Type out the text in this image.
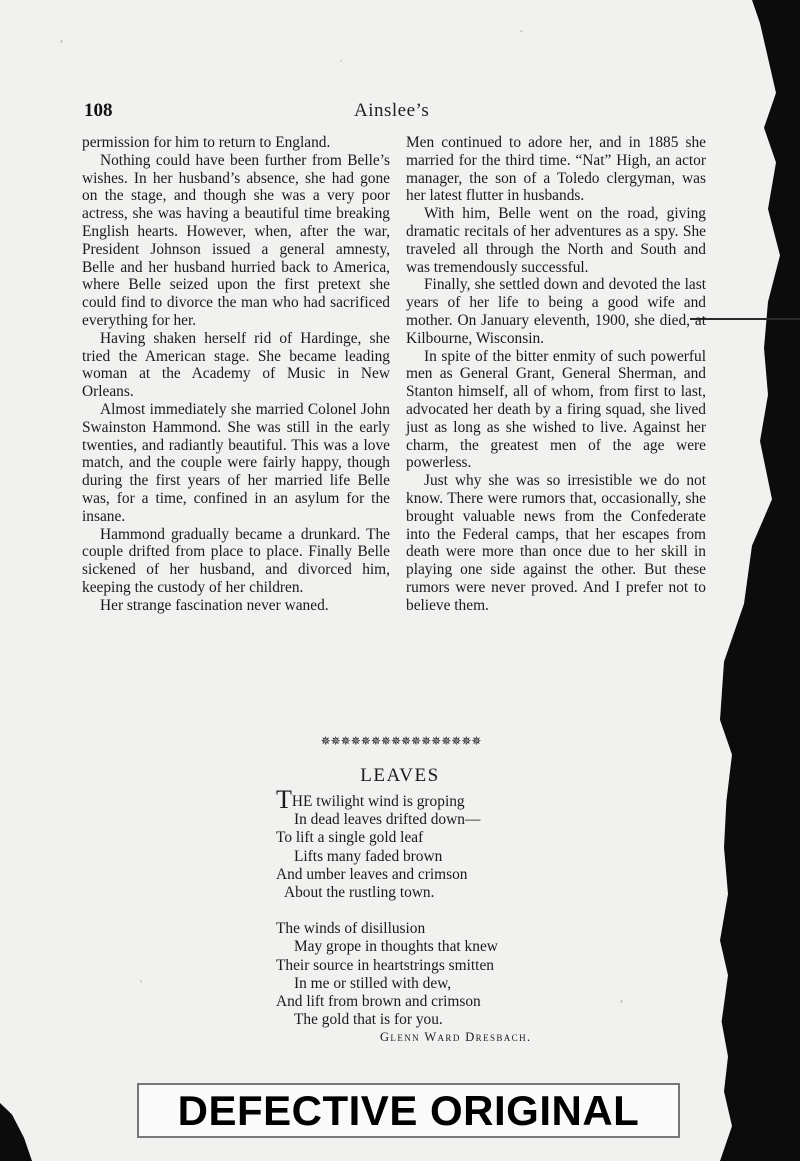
108	Ainslee’s

permission for him to return to England.

Nothing could have been further from Belle’s wishes. In her husband’s absence, she had gone on the stage, and though she was a very poor actress, she was having a beautiful time breaking English hearts. However, when, after the war, President Johnson issued a general amnesty, Belle and her husband hurried back to America, where Belle seized upon the first pretext she could find to divorce the man who had sacrificed everything for her.

Having shaken herself rid of Hardinge, she tried the American stage. She became leading woman at the Academy of Music in New Orleans.

Almost immediately she married Colonel John Swainston Hammond. She was still in the early twenties, and radiantly beautiful. This was a love match, and the couple were fairly happy, though during the first years of her married life Belle was, for a time, confined in an asylum for the insane.

Hammond gradually became a drunkard. The couple drifted from place to place. Finally Belle sickened of her husband, and divorced him, keeping the custody of her children.

Her strange fascination never waned.

Men continued to adore her, and in 1885 she married for the third time. “Nat” High, an actor manager, the son of a Toledo clergyman, was her latest flutter in husbands.

With him, Belle went on the road, giving dramatic recitals of her adventures as a spy. She traveled all through the North and South and was tremendously successful.

Finally, she settled down and devoted the last years of her life to being a good wife and mother. On January eleventh, 1900, she died, at Kilbourne, Wisconsin.

In spite of the bitter enmity of such powerful men as General Grant, General Sherman, and Stanton himself, all of whom, from first to last, advocated her death by a firing squad, she lived just as long as she wished to live. Against her charm, the greatest men of the age were powerless.

Just why she was so irresistible we do not know. There were rumors that, occasionally, she brought valuable news from the Confederate into the Federal camps, that her escapes from death were more than once due to her skill in playing one side against the other. But these rumors were never proved. And I prefer not to believe them.

✵✵✵✵✵✵✵✵✵✵✵✵✵✵✵✵
LEAVES
THE twilight wind is groping
In dead leaves drifted down—
To lift a single gold leaf
Lifts many faded brown
And umber leaves and crimson
About the rustling town.
The winds of disillusion
May grope in thoughts that knew
Their source in heartstrings smitten
In me or stilled with dew,
And lift from brown and crimson
The gold that is for you.
Glenn Ward Dresbach.
DEFECTIVE ORIGINAL
